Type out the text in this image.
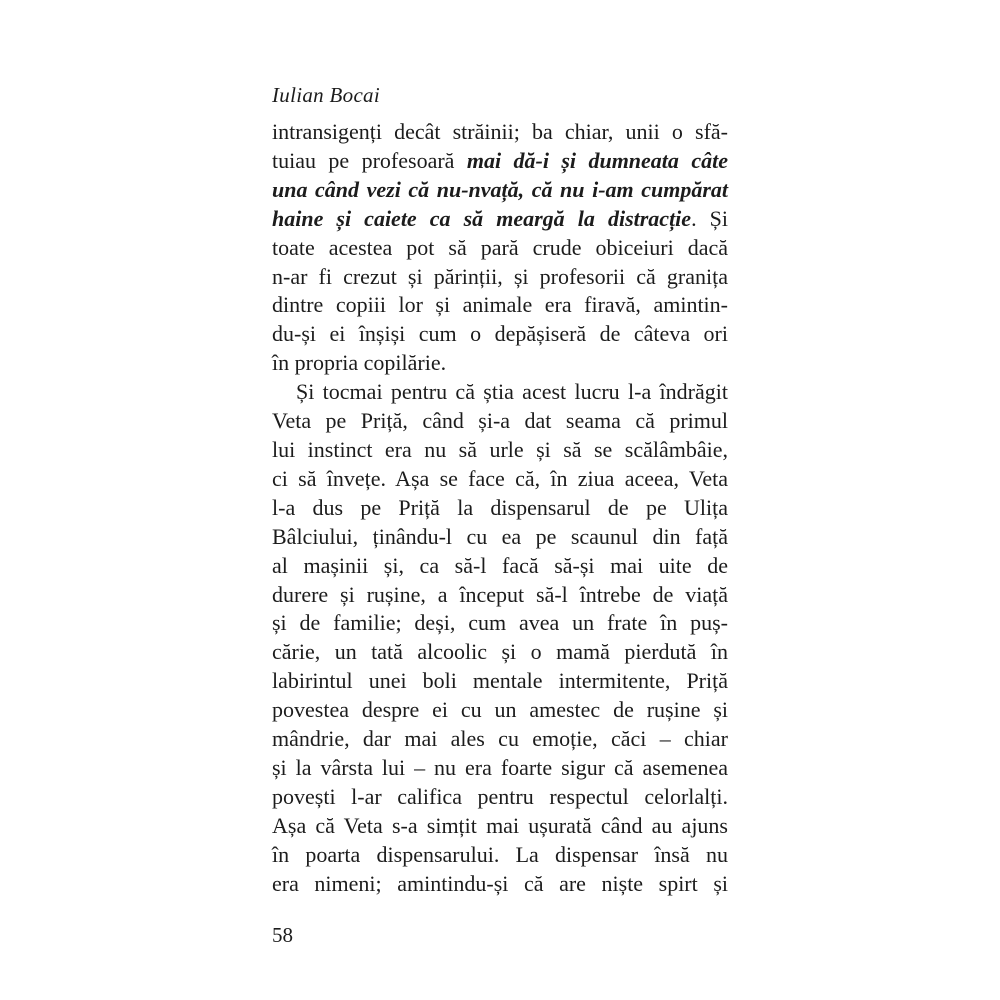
Iulian Bocai
intransigenți decât străinii; ba chiar, unii o sfă-
tuiau pe profesoară mai dă-i și dumneata câte
una când vezi că nu-nvață, că nu i-am cumpărat
haine și caiete ca să meargă la distracție. Și
toate acestea pot să pară crude obiceiuri dacă
n-ar fi crezut și părinții, și profesorii că granița
dintre copiii lor și animale era firavă, amintin-
du-și ei înșiși cum o depășiseră de câteva ori
în propria copilărie.
Și tocmai pentru că știa acest lucru l-a îndrăgit
Veta pe Priță, când și-a dat seama că primul
lui instinct era nu să urle și să se scălâmbâie,
ci să învețe. Așa se face că, în ziua aceea, Veta
l-a dus pe Priță la dispensarul de pe Ulița
Bâlciului, ținându-l cu ea pe scaunul din față
al mașinii și, ca să-l facă să-și mai uite de
durere și rușine, a început să-l întrebe de viață
și de familie; deși, cum avea un frate în puș-
cărie, un tată alcoolic și o mamă pierdută în
labirintul unei boli mentale intermitente, Priță
povestea despre ei cu un amestec de rușine și
mândrie, dar mai ales cu emoție, căci – chiar
și la vârsta lui – nu era foarte sigur că asemenea
povești l-ar califica pentru respectul celorlalți.
Așa că Veta s-a simțit mai ușurată când au ajuns
în poarta dispensarului. La dispensar însă nu
era nimeni; amintindu-și că are niște spirt și
58
